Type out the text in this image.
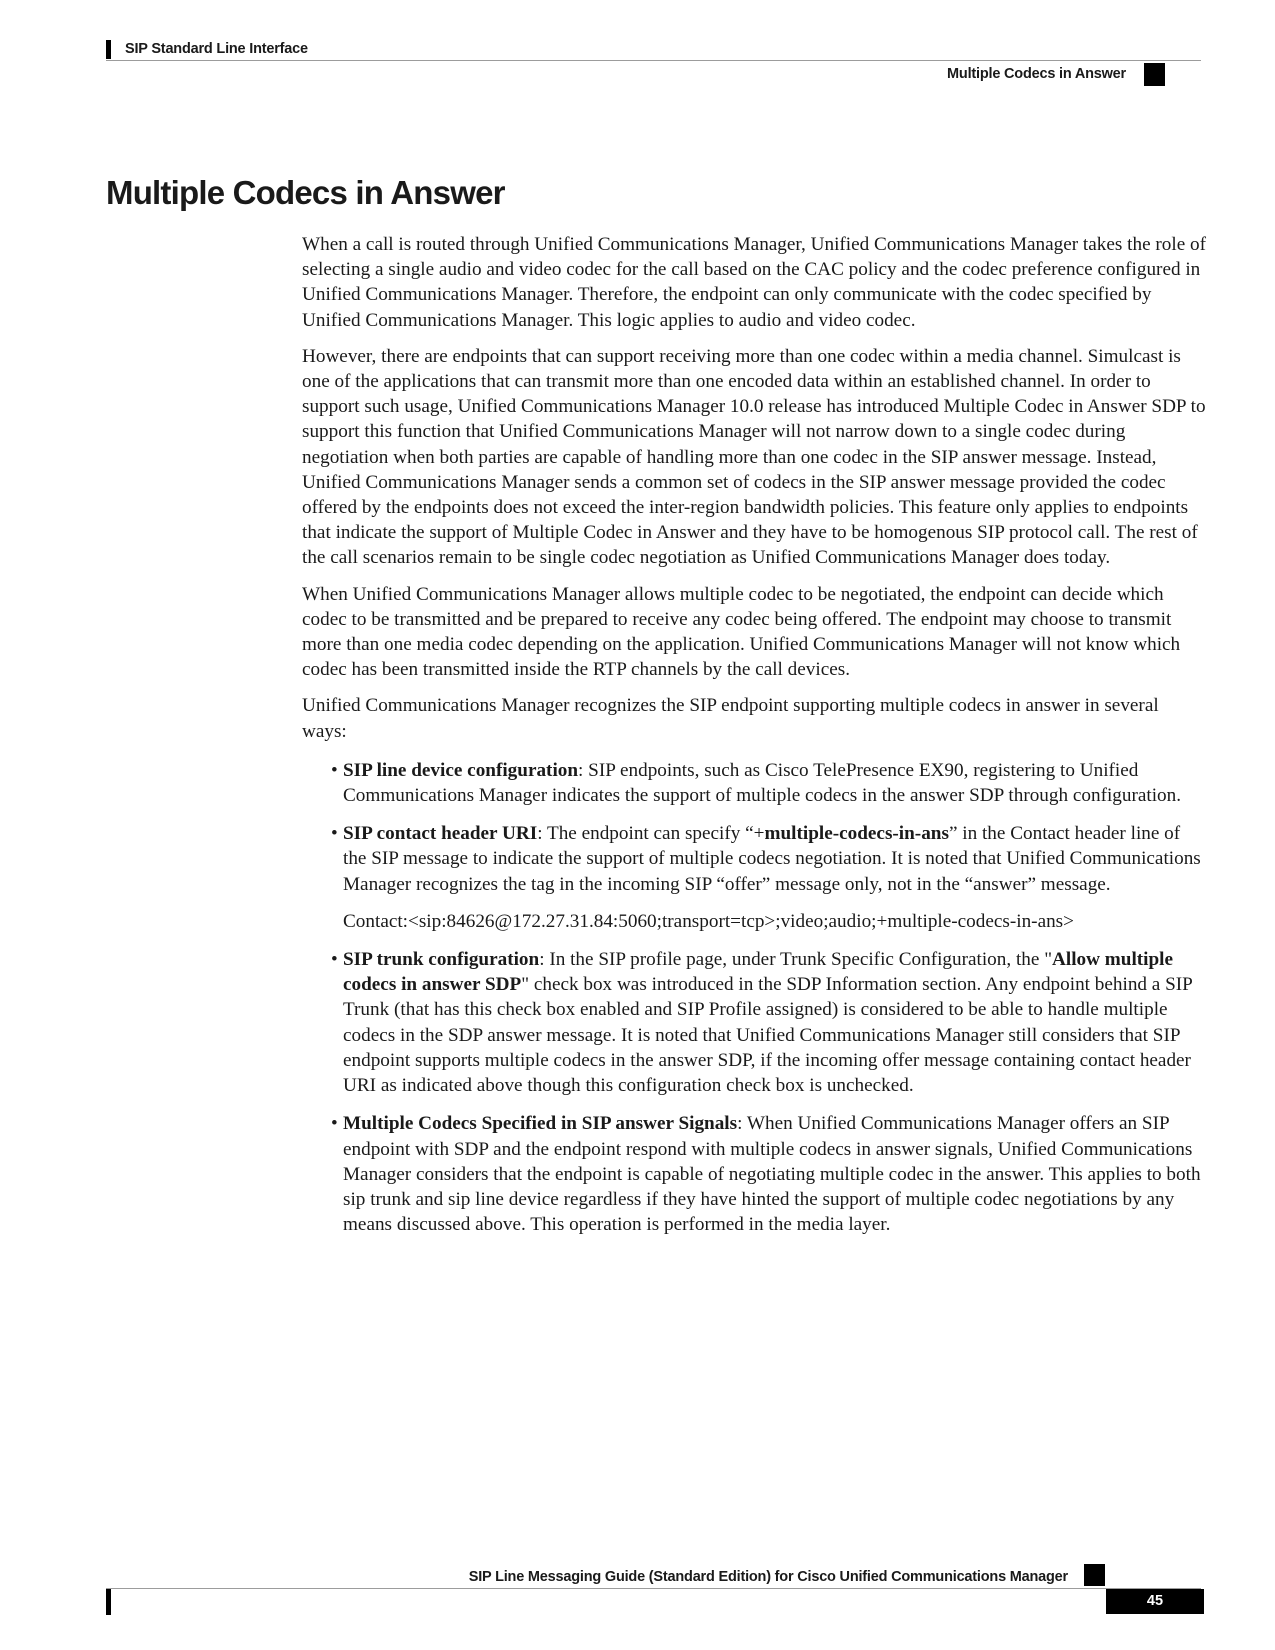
SIP Standard Line Interface
Multiple Codecs in Answer
Multiple Codecs in Answer

When a call is routed through Unified Communications Manager, Unified Communications Manager takes the role of selecting a single audio and video codec for the call based on the CAC policy and the codec preference configured in Unified Communications Manager. Therefore, the endpoint can only communicate with the codec specified by Unified Communications Manager. This logic applies to audio and video codec.

However, there are endpoints that can support receiving more than one codec within a media channel. Simulcast is one of the applications that can transmit more than one encoded data within an established channel. In order to support such usage, Unified Communications Manager 10.0 release has introduced Multiple Codec in Answer SDP to support this function that Unified Communications Manager will not narrow down to a single codec during negotiation when both parties are capable of handling more than one codec in the SIP answer message. Instead, Unified Communications Manager sends a common set of codecs in the SIP answer message provided the codec offered by the endpoints does not exceed the inter-region bandwidth policies. This feature only applies to endpoints that indicate the support of Multiple Codec in Answer and they have to be homogenous SIP protocol call. The rest of the call scenarios remain to be single codec negotiation as Unified Communications Manager does today.

When Unified Communications Manager allows multiple codec to be negotiated, the endpoint can decide which codec to be transmitted and be prepared to receive any codec being offered. The endpoint may choose to transmit more than one media codec depending on the application. Unified Communications Manager will not know which codec has been transmitted inside the RTP channels by the call devices.

Unified Communications Manager recognizes the SIP endpoint supporting multiple codecs in answer in several ways:

• SIP line device configuration: SIP endpoints, such as Cisco TelePresence EX90, registering to Unified Communications Manager indicates the support of multiple codecs in the answer SDP through configuration.
• SIP contact header URI: The endpoint can specify “+multiple-codecs-in-ans” in the Contact header line of the SIP message to indicate the support of multiple codecs negotiation. It is noted that Unified Communications Manager recognizes the tag in the incoming SIP “offer” message only, not in the “answer” message.
Contact:<sip:84626@172.27.31.84:5060;transport=tcp>;video;audio;+multiple-codecs-in-ans>
• SIP trunk configuration: In the SIP profile page, under Trunk Specific Configuration, the "Allow multiple codecs in answer SDP" check box was introduced in the SDP Information section. Any endpoint behind a SIP Trunk (that has this check box enabled and SIP Profile assigned) is considered to be able to handle multiple codecs in the SDP answer message. It is noted that Unified Communications Manager still considers that SIP endpoint supports multiple codecs in the answer SDP, if the incoming offer message containing contact header URI as indicated above though this configuration check box is unchecked.
• Multiple Codecs Specified in SIP answer Signals: When Unified Communications Manager offers an SIP endpoint with SDP and the endpoint respond with multiple codecs in answer signals, Unified Communications Manager considers that the endpoint is capable of negotiating multiple codec in the answer. This applies to both sip trunk and sip line device regardless if they have hinted the support of multiple codec negotiations by any means discussed above. This operation is performed in the media layer.
SIP Line Messaging Guide (Standard Edition) for Cisco Unified Communications Manager
45
